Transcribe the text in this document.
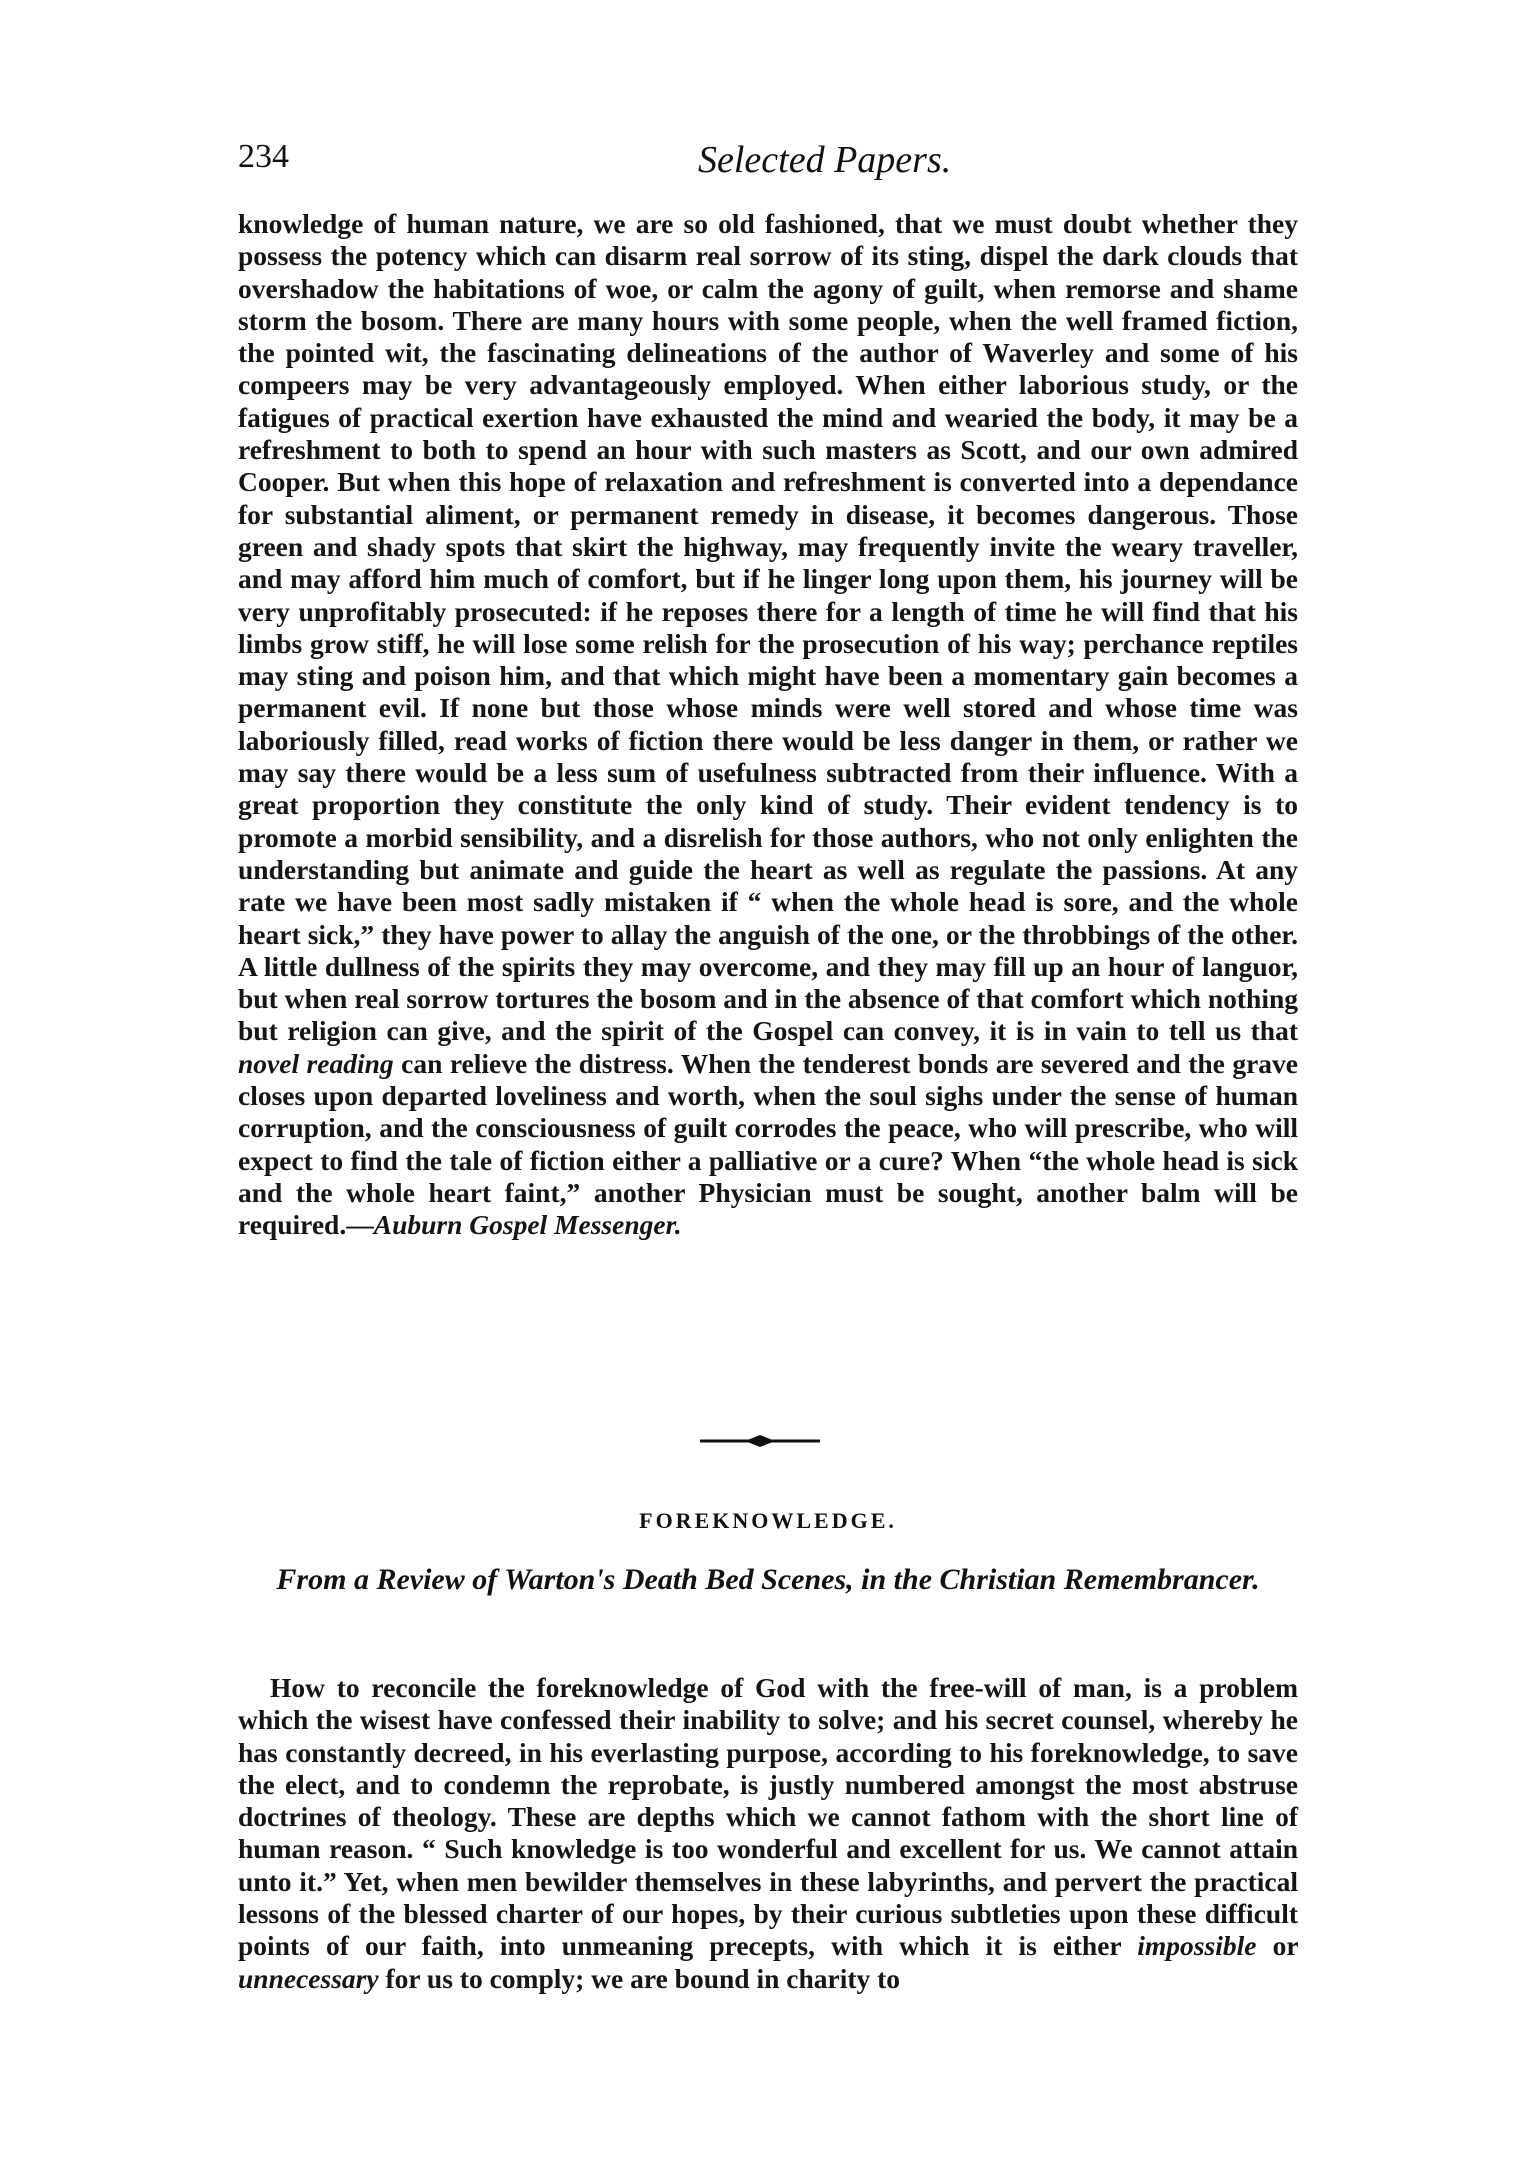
234	Selected Papers.

knowledge of human nature, we are so old fashioned, that we must doubt whether they possess the potency which can disarm real sorrow of its sting, dispel the dark clouds that overshadow the habitations of woe, or calm the agony of guilt, when remorse and shame storm the bosom. There are many hours with some people, when the well framed fiction, the pointed wit, the fascinating delineations of the author of Waverley and some of his compeers may be very advantageously employed. When either laborious study, or the fatigues of practical exertion have exhausted the mind and wearied the body, it may be a refreshment to both to spend an hour with such masters as Scott, and our own admired Cooper. But when this hope of relaxation and refreshment is converted into a dependance for substantial aliment, or permanent remedy in disease, it becomes dangerous. Those green and shady spots that skirt the highway, may frequently invite the weary traveller, and may afford him much of comfort, but if he linger long upon them, his journey will be very unprofitably prosecuted: if he reposes there for a length of time he will find that his limbs grow stiff, he will lose some relish for the prosecution of his way; perchance reptiles may sting and poison him, and that which might have been a momentary gain becomes a permanent evil. If none but those whose minds were well stored and whose time was laboriously filled, read works of fiction there would be less danger in them, or rather we may say there would be a less sum of usefulness subtracted from their influence. With a great proportion they constitute the only kind of study. Their evident tendency is to promote a morbid sensibility, and a disrelish for those authors, who not only enlighten the understanding but animate and guide the heart as well as regulate the passions. At any rate we have been most sadly mistaken if “ when the whole head is sore, and the whole heart sick,” they have power to allay the anguish of the one, or the throbbings of the other. A little dullness of the spirits they may overcome, and they may fill up an hour of languor, but when real sorrow tortures the bosom and in the absence of that comfort which nothing but religion can give, and the spirit of the Gospel can convey, it is in vain to tell us that novel reading can relieve the distress. When the tenderest bonds are severed and the grave closes upon departed loveliness and worth, when the soul sighs under the sense of human corruption, and the consciousness of guilt corrodes the peace, who will prescribe, who will expect to find the tale of fiction either a palliative or a cure? When “the whole head is sick and the whole heart faint,” another Physician must be sought, another balm will be required.—Auburn Gospel Messenger.

FOREKNOWLEDGE.
From a Review of Warton's Death Bed Scenes, in the Christian Remembrancer.

How to reconcile the foreknowledge of God with the free-will of man, is a problem which the wisest have confessed their inability to solve; and his secret counsel, whereby he has constantly decreed, in his everlasting purpose, according to his foreknowledge, to save the elect, and to condemn the reprobate, is justly numbered amongst the most abstruse doctrines of theology. These are depths which we cannot fathom with the short line of human reason. “ Such knowledge is too wonderful and excellent for us. We cannot attain unto it.” Yet, when men bewilder themselves in these labyrinths, and pervert the practical lessons of the blessed charter of our hopes, by their curious subtleties upon these difficult points of our faith, into unmeaning precepts, with which it is either impossible or unnecessary for us to comply; we are bound in charity to
